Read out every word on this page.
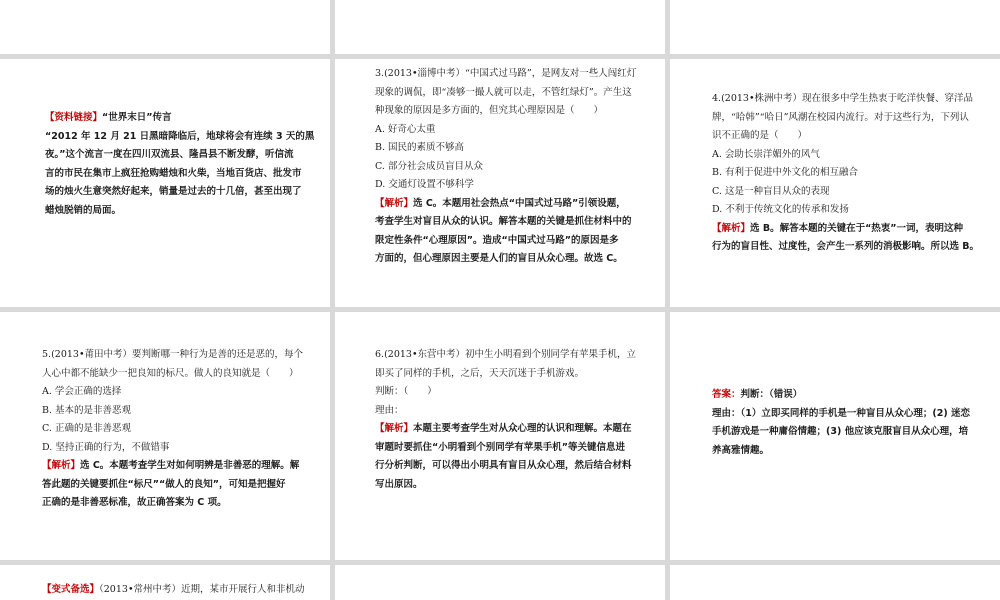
【资料链接】“世界末日”传言
“2012 年 12 月 21 日黑暗降临后，地球将会有连续 3 天的黑
夜。”这个流言一度在四川双流县、隆昌县不断发酵，听信流
言的市民在集市上疯狂抢购蜡烛和火柴，当地百货店、批发市
场的烛火生意突然好起来，销量是过去的十几倍，甚至出现了
蜡烛脱销的局面。
3.(2013•淄博中考）“中国式过马路”，是网友对一些人闯红灯
现象的调侃，即“凑够一撮人就可以走，不管红绿灯”。产生这
种现象的原因是多方面的，但究其心理原因是（　　）
A. 好奇心太重
B. 国民的素质不够高
C. 部分社会成员盲目从众
D. 交通灯设置不够科学
【解析】选 C。本题用社会热点“中国式过马路”引领设题，
考查学生对盲目从众的认识。解答本题的关键是抓住材料中的
限定性条件“心理原因”。造成“中国式过马路”的原因是多
方面的，但心理原因主要是人们的盲目从众心理。故选 C。
4.(2013•株洲中考）现在很多中学生热衷于吃洋快餐、穿洋品
牌，“哈韩”“哈日”风潮在校园内流行。对于这些行为，下列认
识不正确的是（　　）
A. 会助长崇洋媚外的风气
B. 有利于促进中外文化的相互融合
C. 这是一种盲目从众的表现
D. 不利于传统文化的传承和发扬
【解析】选 B。解答本题的关键在于“热衷”一词，表明这种
行为的盲目性、过度性，会产生一系列的消极影响。所以选 B。
5.(2013•莆田中考）要判断哪一种行为是善的还是恶的，每个
人心中都不能缺少一把良知的标尺。做人的良知就是（　　）
A. 学会正确的选择
B. 基本的是非善恶观
C. 正确的是非善恶观
D. 坚持正确的行为，不做错事
【解析】选 C。本题考查学生对如何明辨是非善恶的理解。解
答此题的关键要抓住“标尺”“做人的良知”，可知是把握好
正确的是非善恶标准，故正确答案为 C 项。
6.(2013•东营中考）初中生小明看到个别同学有苹果手机，立
即买了同样的手机，之后，天天沉迷于手机游戏。
判断：（　　）
理由：
【解析】本题主要考查学生对从众心理的认识和理解。本题在
审题时要抓住“小明看到个别同学有苹果手机”等关键信息进
行分析判断，可以得出小明具有盲目从众心理，然后结合材料
写出原因。
答案：判断：（错误）
理由：（1）立即买同样的手机是一种盲目从众心理；(2) 迷恋
手机游戏是一种庸俗情趣；(3) 他应该克服盲目从众心理，培
养高雅情趣。
【变式备选】（2013•常州中考）近期，某市开展行人和非机动
